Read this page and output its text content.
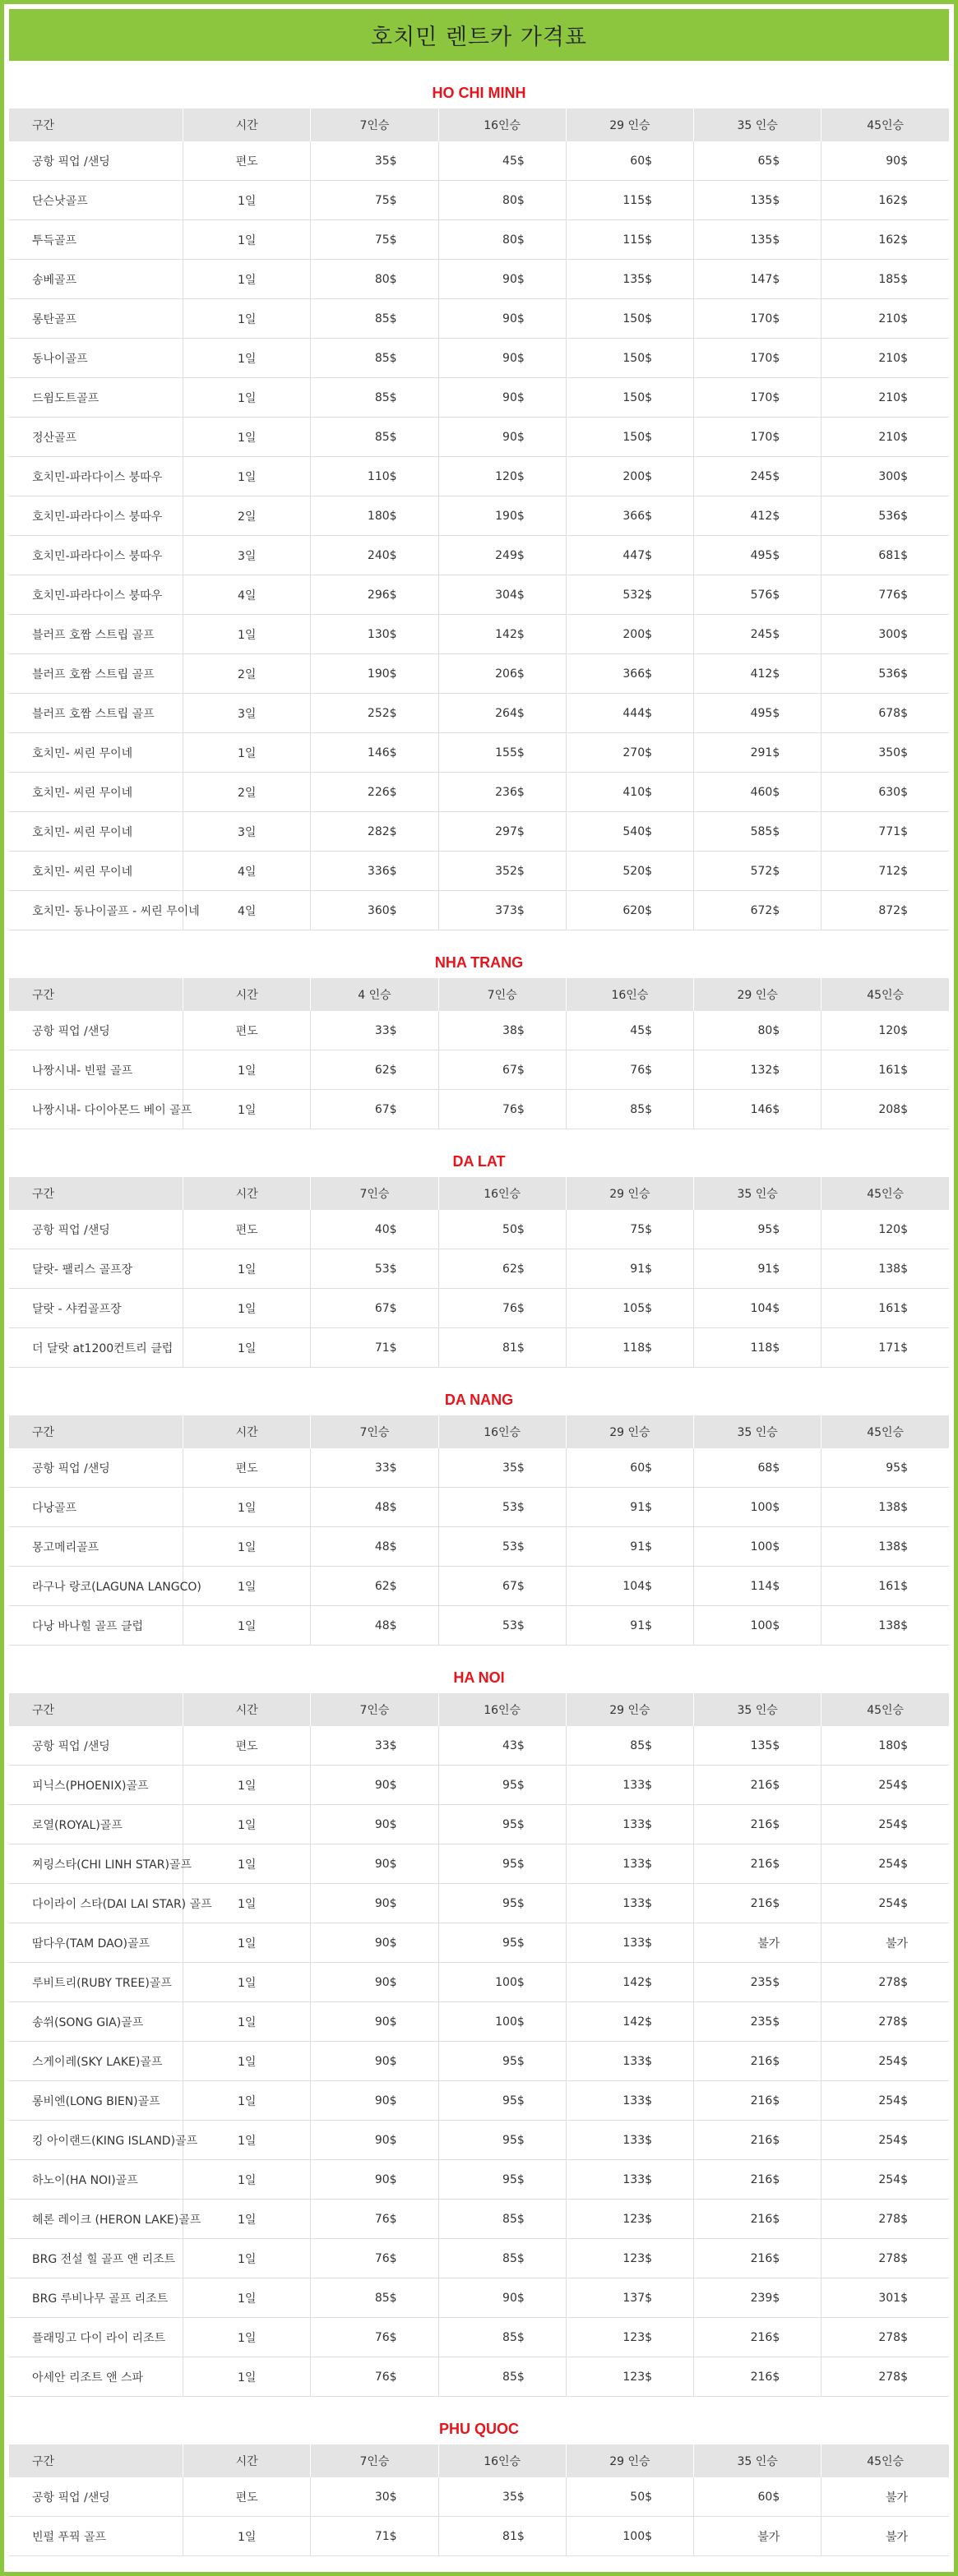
호치민 렌트카 가격표
HO CHI MINH
구간	시간	7인승	16인승	29 인승	35 인승	45인승
공항 픽업 /샌딩	편도	35$	45$	60$	65$	90$
단슨낫골프	1일	75$	80$	115$	135$	162$
투득골프	1일	75$	80$	115$	135$	162$
송베골프	1일	80$	90$	135$	147$	185$
롱탄골프	1일	85$	90$	150$	170$	210$
동나이골프	1일	85$	90$	150$	170$	210$
드윔도트골프	1일	85$	90$	150$	170$	210$
정산골프	1일	85$	90$	150$	170$	210$
호치민-파라다이스 붕따우	1일	110$	120$	200$	245$	300$
호치민-파라다이스 붕따우	2일	180$	190$	366$	412$	536$
호치민-파라다이스 붕따우	3일	240$	249$	447$	495$	681$
호치민-파라다이스 붕따우	4일	296$	304$	532$	576$	776$
블러프 호짬 스트립 골프	1일	130$	142$	200$	245$	300$
블러프 호짬 스트립 골프	2일	190$	206$	366$	412$	536$
블러프 호짬 스트립 골프	3일	252$	264$	444$	495$	678$
호치민- 씨린 무이네	1일	146$	155$	270$	291$	350$
호치민- 씨린 무이네	2일	226$	236$	410$	460$	630$
호치민- 씨린 무이네	3일	282$	297$	540$	585$	771$
호치민- 씨린 무이네	4일	336$	352$	520$	572$	712$
호치민- 동나이골프 - 씨린 무이네	4일	360$	373$	620$	672$	872$
NHA TRANG
구간	시간	4 인승	7인승	16인승	29 인승	45인승
공항 픽업 /샌딩	편도	33$	38$	45$	80$	120$
나짱시내- 빈펄 골프	1일	62$	67$	76$	132$	161$
나짱시내- 다이아몬드 베이 골프	1일	67$	76$	85$	146$	208$
DA LAT
구간	시간	7인승	16인승	29 인승	35 인승	45인승
공항 픽업 /샌딩	편도	40$	50$	75$	95$	120$
달랏- 팰리스 골프장	1일	53$	62$	91$	91$	138$
달랏 - 샤컴골프장	1일	67$	76$	105$	104$	161$
더 달랏 at1200컨트리 클럽	1일	71$	81$	118$	118$	171$
DA NANG
구간	시간	7인승	16인승	29 인승	35 인승	45인승
공항 픽업 /샌딩	편도	33$	35$	60$	68$	95$
다낭골프	1일	48$	53$	91$	100$	138$
몽고메리골프	1일	48$	53$	91$	100$	138$
라구나 랑코(LAGUNA LANGCO)	1일	62$	67$	104$	114$	161$
다낭 바나힐 골프 클럽	1일	48$	53$	91$	100$	138$
HA NOI
구간	시간	7인승	16인승	29 인승	35 인승	45인승
공항 픽업 /샌딩	편도	33$	43$	85$	135$	180$
피닉스(PHOENIX)골프	1일	90$	95$	133$	216$	254$
로열(ROYAL)골프	1일	90$	95$	133$	216$	254$
찌링스타(CHI LINH STAR)골프	1일	90$	95$	133$	216$	254$
다이라이 스타(DAI LAI STAR) 골프	1일	90$	95$	133$	216$	254$
땀다우(TAM DAO)골프	1일	90$	95$	133$	불가	불가
루비트리(RUBY TREE)골프	1일	90$	100$	142$	235$	278$
송쒸(SONG GIA)골프	1일	90$	100$	142$	235$	278$
스게이레(SKY LAKE)골프	1일	90$	95$	133$	216$	254$
롱비엔(LONG BIEN)골프	1일	90$	95$	133$	216$	254$
킹 아이랜드(KING ISLAND)골프	1일	90$	95$	133$	216$	254$
하노이(HA NOI)골프	1일	90$	95$	133$	216$	254$
헤론 레이크 (HERON LAKE)골프	1일	76$	85$	123$	216$	278$
BRG 전설 힐 골프 앤 리조트	1일	76$	85$	123$	216$	278$
BRG 루비나무 골프 리조트	1일	85$	90$	137$	239$	301$
플래밍고 다이 라이 리조트	1일	76$	85$	123$	216$	278$
아세안 리조트 앤 스파	1일	76$	85$	123$	216$	278$
PHU QUOC
구간	시간	7인승	16인승	29 인승	35 인승	45인승
공항 픽업 /샌딩	편도	30$	35$	50$	60$	불가
빈펄 푸꿕 골프	1일	71$	81$	100$	불가	불가
